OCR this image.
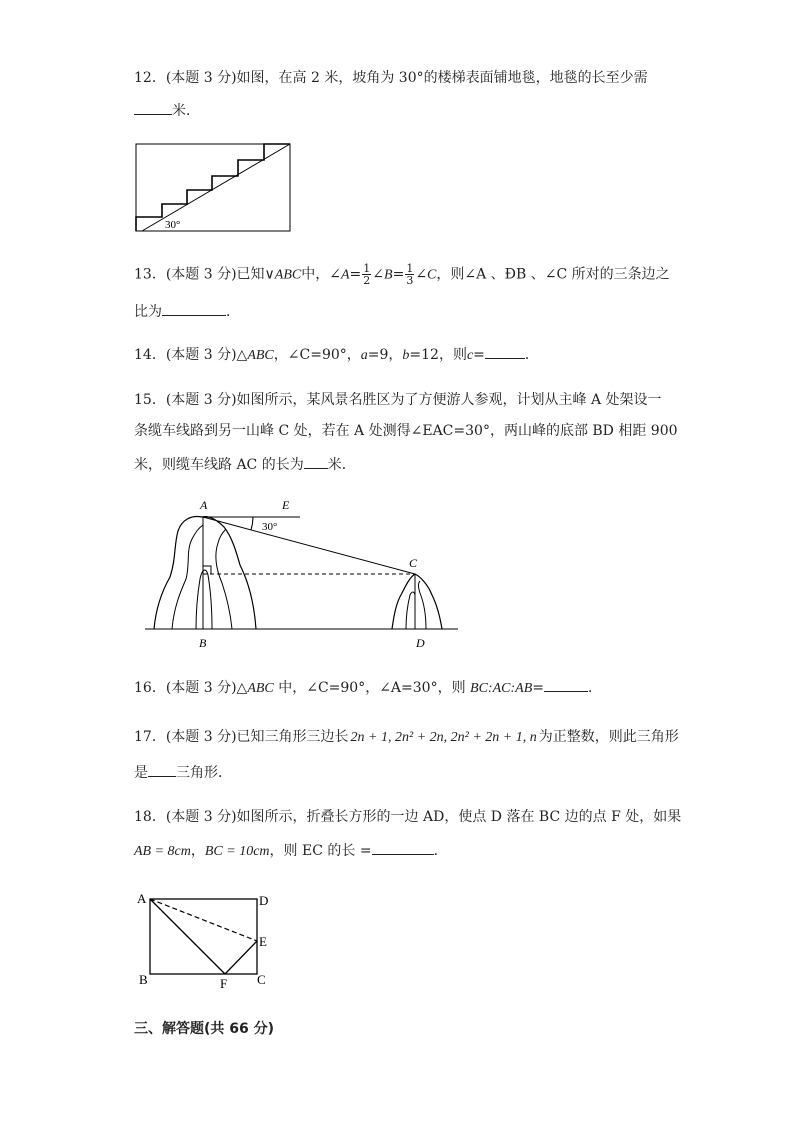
12．(本题 3 分)如图，在高 2 米，坡角为 30°的楼梯表面铺地毯，地毯的长至少需
米．
30°
13．(本题 3 分)已知∨ABC中，∠A= $\frac{1}{2}$ ∠B= $\frac{1}{3}$ ∠C，则∠A 、ÐB 、∠C 所对的三条边之
比为	．
14．(本题 3 分)△ABC，∠C=90°，a=9，b=12，则c=	．
15．(本题 3 分)如图所示，某风景名胜区为了方便游人参观，计划从主峰 A 处架设一
条缆车线路到另一山峰 C 处，若在 A 处测得∠EAC=30°，两山峰的底部 BD 相距 900
米，则缆车线路 AC 的长为 米．
A	E
30°
C
B	D
16．(本题 3 分)△ABC 中，∠C=90°，∠A=30°，则 BC:AC:AB=	．
17．(本题 3 分)已知三角形三边长 2n + 1, 2n² + 2n, 2n² + 2n + 1, n 为正整数，则此三角形
是 三角形．
18．(本题 3 分)如图所示，折叠长方形的一边 AD，使点 D 落在 BC 边的点 F 处，如果
AB = 8cm，BC = 10cm，则 EC 的长 =	．
A	D
E
B	F C
三、解答题(共 66 分)
